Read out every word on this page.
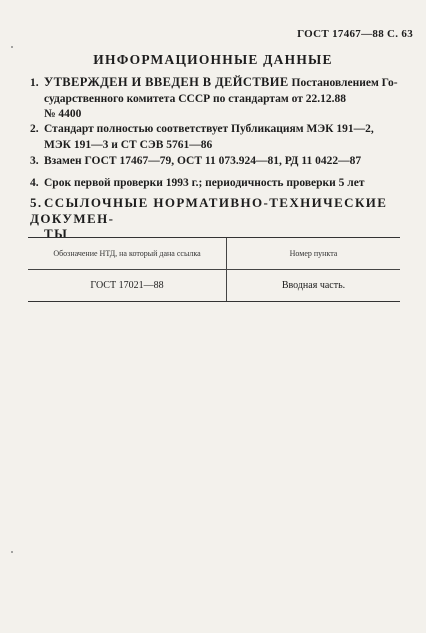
ГОСТ 17467—88 С. 63
ИНФОРМАЦИОННЫЕ ДАННЫЕ
1. УТВЕРЖДЕН И ВВЕДЕН В ДЕЙСТВИЕ Постановлением Го-
сударственного комитета СССР по стандартам от 22.12.88
№ 4400
2. Стандарт полностью соответствует Публикациям МЭК 191—2,
МЭК 191—3 и СТ СЭВ 5761—86
3. Взамен ГОСТ 17467—79, ОСТ 11 073.924—81, РД 11 0422—87
4. Срок первой проверки 1993 г.; периодичность проверки 5 лет
5.ССЫЛОЧНЫЕ НОРМАТИВНО-ТЕХНИЧЕСКИЕ ДОКУМЕН-
ТЫ
Обозначение НТД, на который дана ссылка	Номер пункта
ГОСТ 17021—88	Вводная часть.
